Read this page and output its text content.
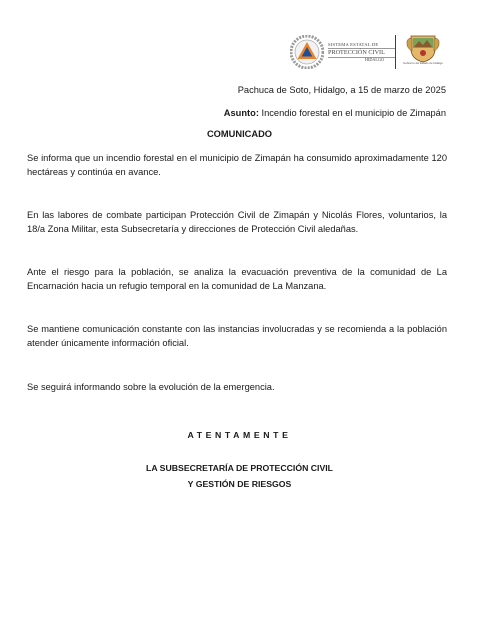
SISTEMA ESTATAL DE
PROTECCIÓN CIVIL
HIDALGO
Gobierno del Estado de Hidalgo
Pachuca de Soto, Hidalgo, a 15 de marzo de 2025
Asunto: Incendio forestal en el municipio de Zimapán
COMUNICADO
Se informa que un incendio forestal en el municipio de Zimapán ha consumido aproximadamente 120 hectáreas y continúa en avance.
En las labores de combate participan Protección Civil de Zimapán y Nicolás Flores, voluntarios, la 18/a Zona Militar, esta Subsecretaría y direcciones de Protección Civil aledañas.
Ante el riesgo para la población, se analiza la evacuación preventiva de la comunidad de La Encarnación hacia un refugio temporal en la comunidad de La Manzana.
Se mantiene comunicación constante con las instancias involucradas y se recomienda a la población atender únicamente información oficial.
Se seguirá informando sobre la evolución de la emergencia.
ATENTAMENTE
LA SUBSECRETARÍA DE PROTECCIÓN CIVIL
Y GESTIÓN DE RIESGOS
